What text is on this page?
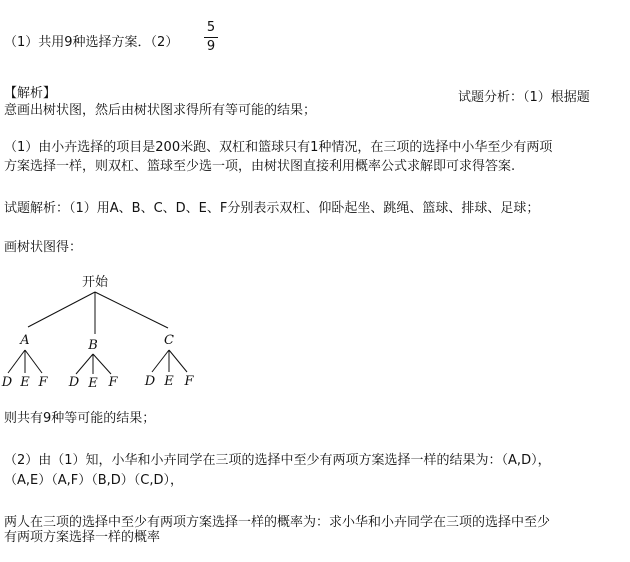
（1）共用9种选择方案．（2）
5
9
【解析】	试题分析：（1）根据题
意画出树状图，然后由树状图求得所有等可能的结果；
（1）由小卉选择的项目是200米跑、双杠和篮球只有1种情况，在三项的选择中小华至少有两项
方案选择一样，则双杠、篮球至少选一项，由树状图直接利用概率公式求解即可求得答案.
试题解析：（1）用A、B、C、D、E、F分别表示双杠、仰卧起坐、跳绳、篮球、排球、足球；
画树状图得：
开始
A	B	C
D E F D E F D E F
则共有9种等可能的结果；
（2）由（1）知，小华和小卉同学在三项的选择中至少有两项方案选择一样的结果为：（A,D），
（A,E）（A,F）（B,D）（C,D），
两人在三项的选择中至少有两项方案选择一样的概率为：求小华和小卉同学在三项的选择中至少
有两项方案选择一样的概率
